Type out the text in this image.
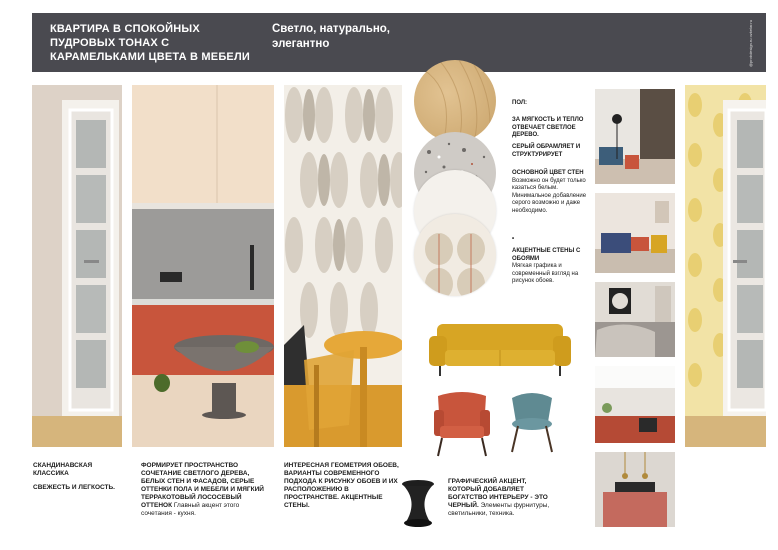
КВАРТИРА В СПОКОЙНЫХ ПУДРОВЫХ ТОНАХ С КАРАМЕЛЬКАМИ ЦВЕТА В МЕБЕЛИ
Светло, натурально, элегантно	@probdesign.ru ozkelar.ru
ПОЛ:
ЗА МЯГКОСТЬ И ТЕПЛО ОТВЕЧАЕТ СВЕТЛОЕ ДЕРЕВО.
СЕРЫЙ ОБРАМЛЯЕТ И СТРУКТУРИРУЕТ
ОСНОВНОЙ ЦВЕТ СТЕН
Возможно он будет только казаться белым. Минимальное добавление серого возможно и даже необходимо.
•
АКЦЕНТНЫЕ СТЕНЫ С ОБОЯМИ
Мягкая графика и современный взгляд на рисунок обоев.
СКАНДИНАВСКАЯ КЛАССИКА
СВЕЖЕСТЬ И ЛЕГКОСТЬ.
ФОРМИРУЕТ ПРОСТРАНСТВО СОЧЕТАНИЕ СВЕТЛОГО ДЕРЕВА, БЕЛЫХ СТЕН И ФАСАДОВ, СЕРЫЕ ОТТЕНКИ ПОЛА И МЕБЕЛИ И МЯГКИЙ ТЕРРАКОТОВЫЙ ЛОСОСЕВЫЙ ОТТЕНОК Главный акцент этого сочетания - кухня.
ИНТЕРЕСНАЯ ГЕОМЕТРИЯ ОБОЕВ, ВАРИАНТЫ СОВРЕМЕННОГО ПОДХОДА К РИСУНКУ ОБОЕВ И ИХ РАСПОЛОЖЕНИЮ В ПРОСТРАНСТВЕ. АКЦЕНТНЫЕ СТЕНЫ.
ГРАФИЧЕСКИЙ АКЦЕНТ, КОТОРЫЙ ДОБАВЛЯЕТ БОГАТСТВО ИНТЕРЬЕРУ - ЭТО ЧЕРНЫЙ. Элементы фурнитуры, светильники, техника.
